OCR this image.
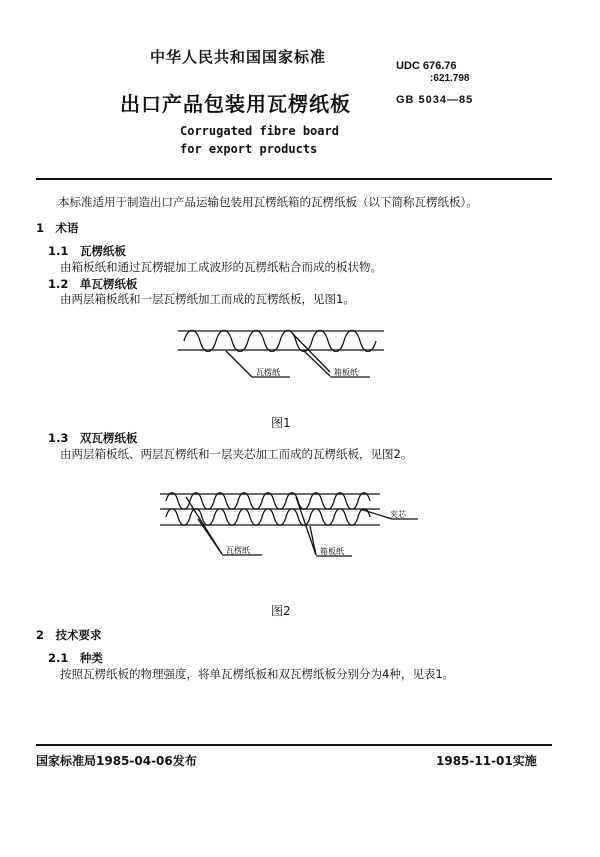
中华人民共和国国家标准	UDC 676.76
:621.798
出口产品包装用瓦楞纸板	GB 5034—85
Corrugated fibre board
for export products
本标准适用于制造出口产品运输包装用瓦楞纸箱的瓦楞纸板（以下简称瓦楞纸板）。
1　术语
1.1　瓦楞纸板
由箱板纸和通过瓦楞辊加工成波形的瓦楞纸粘合而成的板状物。
1.2　单瓦楞纸板
由两层箱板纸和一层瓦楞纸加工而成的瓦楞纸板，见图1。
瓦楞纸	箱板纸
图1
1.3　双瓦楞纸板
由两层箱板纸、两层瓦楞纸和一层夹芯加工而成的瓦楞纸板，见图2。
瓦楞纸	箱板纸
夹芯
图2
2　技术要求
2.1　种类
按照瓦楞纸板的物理强度，将单瓦楞纸板和双瓦楞纸板分别分为4种，见表1。
国家标准局1985-04-06发布	1985-11-01实施
